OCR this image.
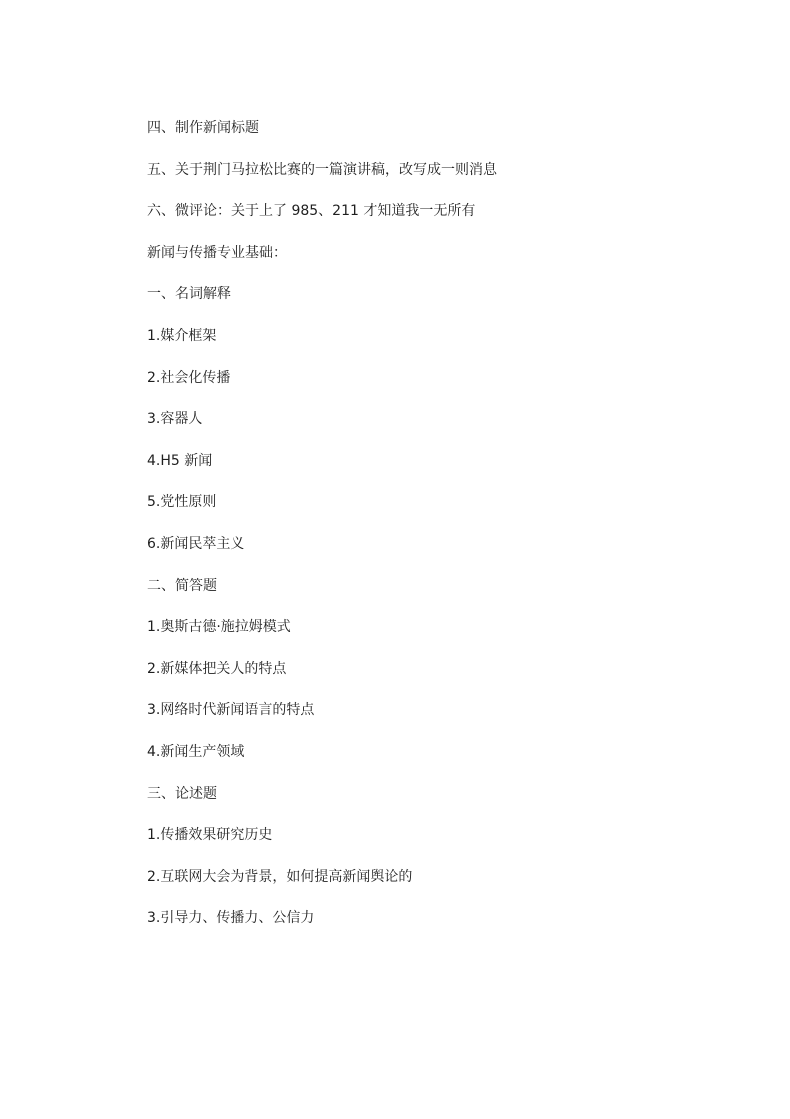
四、制作新闻标题
五、关于荆门马拉松比赛的一篇演讲稿，改写成一则消息
六、微评论：关于上了 985、211 才知道我一无所有
新闻与传播专业基础：
一、名词解释
1.媒介框架
2.社会化传播
3.容器人
4.H5 新闻
5.党性原则
6.新闻民萃主义
二、简答题
1.奥斯古德·施拉姆模式
2.新媒体把关人的特点
3.网络时代新闻语言的特点
4.新闻生产领域
三、论述题
1.传播效果研究历史
2.互联网大会为背景，如何提高新闻舆论的
3.引导力、传播力、公信力
